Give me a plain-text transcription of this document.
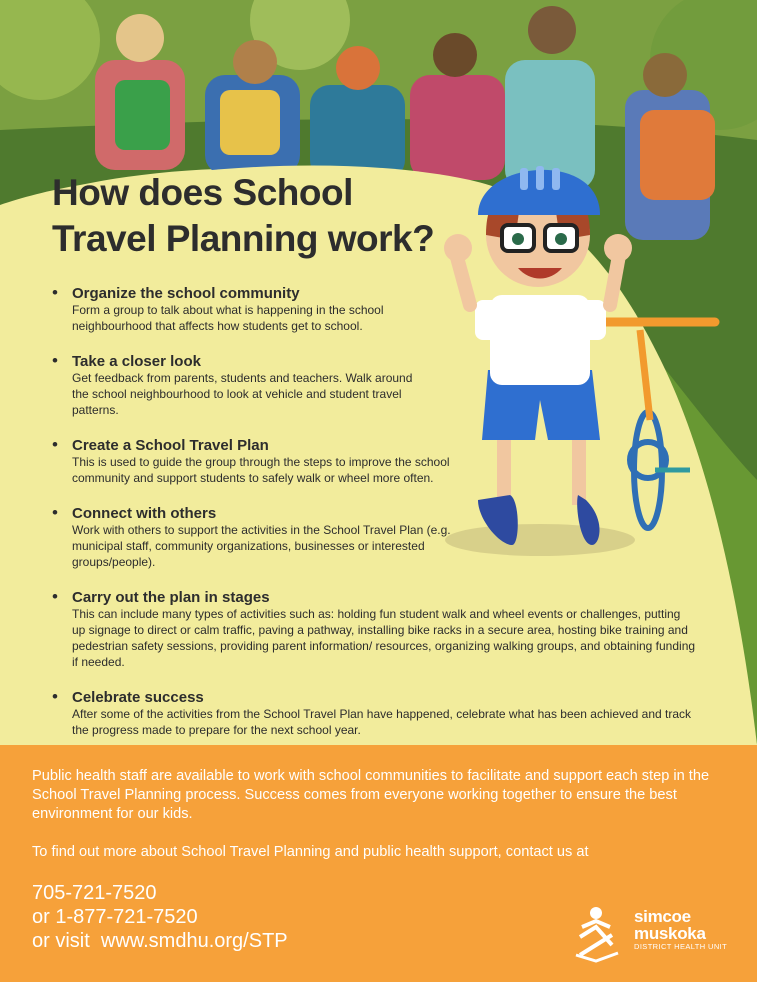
How does School
Travel Planning work?
• Organize the school community
Form a group to talk about what is happening in the school neighbourhood that affects how students get to school.
• Take a closer look
Get feedback from parents, students and teachers. Walk around the school neighbourhood to look at vehicle and student travel patterns.
• Create a School Travel Plan
This is used to guide the group through the steps to improve the school community and support students to safely walk or wheel more often.
• Connect with others
Work with others to support the activities in the School Travel Plan (e.g. municipal staff, community organizations, businesses or interested groups/people).
• Carry out the plan in stages
This can include many types of activities such as: holding fun student walk and wheel events or challenges, putting up signage to direct or calm traffic, paving a pathway, installing bike racks in a secure area, hosting bike training and pedestrian safety sessions, providing parent information/ resources, organizing walking groups, and obtaining funding if needed.
• Celebrate success
After some of the activities from the School Travel Plan have happened, celebrate what has been achieved and track the progress made to prepare for the next school year.

Public health staff are available to work with school communities to facilitate and support each step in the School Travel Planning process. Success comes from everyone working together to ensure the best environment for our kids.

To find out more about School Travel Planning and public health support, contact us at

705-721-7520
or 1-877-721-7520
or visit  www.smdhu.org/STP
simcoe
muskoka
DISTRICT HEALTH UNIT
